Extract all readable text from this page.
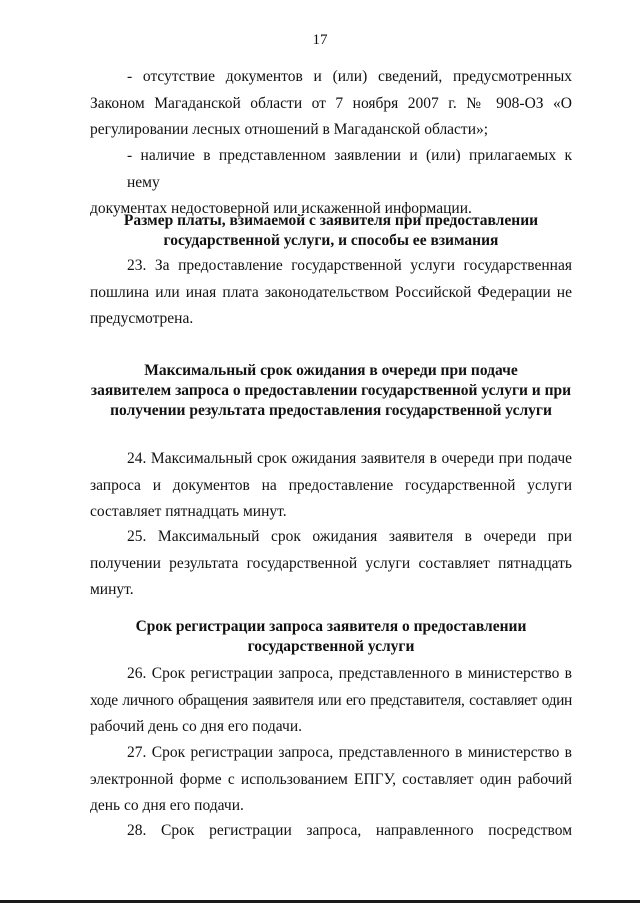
17
- отсутствие документов и (или) сведений, предусмотренных
Законом Магаданской области от 7 ноября 2007 г. № 908-ОЗ «О
регулировании лесных отношений в Магаданской области»;
- наличие в представленном заявлении и (или) прилагаемых к нему
документах недостоверной или искаженной информации.
Размер платы, взимаемой с заявителя при предоставлении
государственной услуги, и способы ее взимания
23. За предоставление государственной услуги государственная
пошлина или иная плата законодательством Российской Федерации не
предусмотрена.
Максимальный срок ожидания в очереди при подаче
заявителем запроса о предоставлении государственной услуги и при
получении результата предоставления государственной услуги
24. Максимальный срок ожидания заявителя в очереди при подаче
запроса и документов на предоставление государственной услуги
составляет пятнадцать минут.
25. Максимальный срок ожидания заявителя в очереди при
получении результата государственной услуги составляет пятнадцать
минут.
Срок регистрации запроса заявителя о предоставлении
государственной услуги
26. Срок регистрации запроса, представленного в министерство в
ходе личного обращения заявителя или его представителя, составляет один
рабочий день со дня его подачи.
27. Срок регистрации запроса, представленного в министерство в
электронной форме с использованием ЕПГУ, составляет один рабочий
день со дня его подачи.
28. Срок регистрации запроса, направленного посредством
